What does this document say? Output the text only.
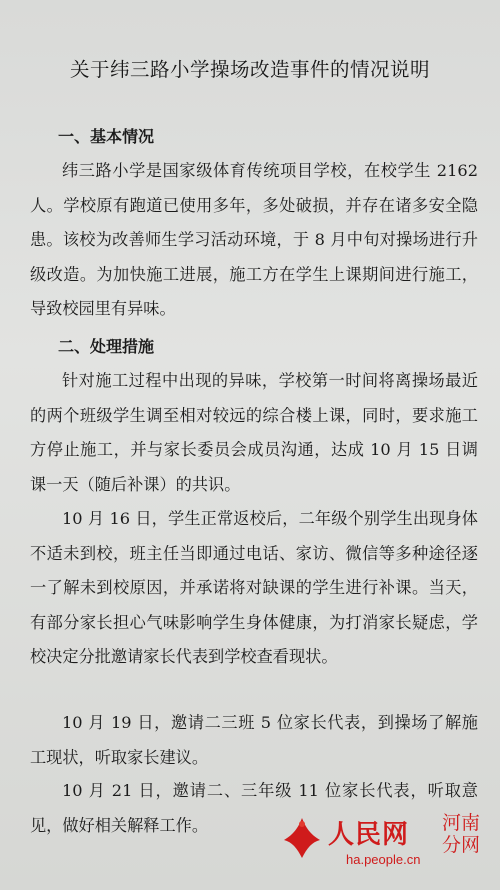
关于纬三路小学操场改造事件的情况说明
一、基本情况

纬三路小学是国家级体育传统项目学校，在校学生 2162 人。学校原有跑道已使用多年，多处破损，并存在诸多安全隐患。该校为改善师生学习活动环境，于 8 月中旬对操场进行升级改造。为加快施工进展，施工方在学生上课期间进行施工，导致校园里有异味。

二、处理措施

针对施工过程中出现的异味，学校第一时间将离操场最近的两个班级学生调至相对较远的综合楼上课，同时，要求施工方停止施工，并与家长委员会成员沟通，达成 10 月 15 日调课一天（随后补课）的共识。

10 月 16 日，学生正常返校后，二年级个别学生出现身体不适未到校，班主任当即通过电话、家访、微信等多种途径逐一了解未到校原因，并承诺将对缺课的学生进行补课。当天，有部分家长担心气味影响学生身体健康，为打消家长疑虑，学校决定分批邀请家长代表到学校查看现状。

10 月 19 日，邀请二三班 5 位家长代表，到操场了解施工现状，听取家长建议。

10 月 21 日，邀请二、三年级 11 位家长代表，听取意见，做好相关解释工作。	人民网	河南分网
ha.people.cn
